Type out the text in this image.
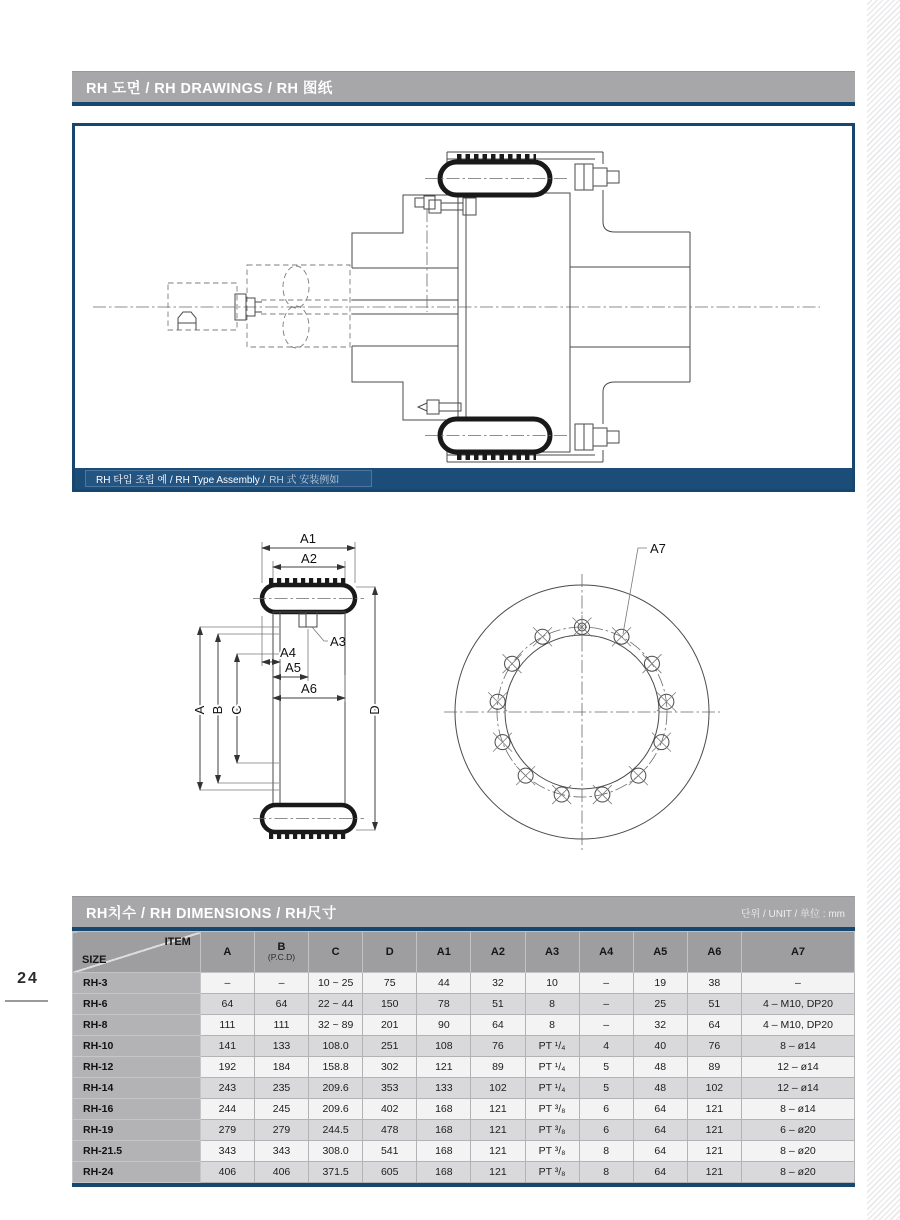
RH 도면 / RH DRAWINGS / RH 图纸
RH 타입 조립 예 / RH Type Assembly / RH 式 安装例如
A1
A2
A3
A4
A5
A6
A B C	D
A7
RH치수 / RH DIMENSIONS / RH尺寸	단위 / UNIT / 单位 : mm
ITEM
SIZE	A	B
(P.C.D)	C	D	A1	A2	A3	A4	A5	A6	A7
RH-3	–	–	10 ~ 25	75	44	32	10	–	19	38	–
RH-6	64	64	22 ~ 44	150	78	51	8	–	25	51	4 – M10, DP20
RH-8	111	111	32 ~ 89	201	90	64	8	–	32	64	4 – M10, DP20
RH-10	141	133	108.0	251	108	76	PT ¹/₄	4	40	76	8 – ø14
RH-12	192	184	158.8	302	121	89	PT ¹/₄	5	48	89	12 – ø14
RH-14	243	235	209.6	353	133	102	PT ¹/₄	5	48	102	12 – ø14
RH-16	244	245	209.6	402	168	121	PT ³/₈	6	64	121	8 – ø14
RH-19	279	279	244.5	478	168	121	PT ³/₈	6	64	121	6 – ø20
RH-21.5	343	343	308.0	541	168	121	PT ³/₈	8	64	121	8 – ø20
RH-24	406	406	371.5	605	168	121	PT ³/₈	8	64	121	8 – ø20
24
